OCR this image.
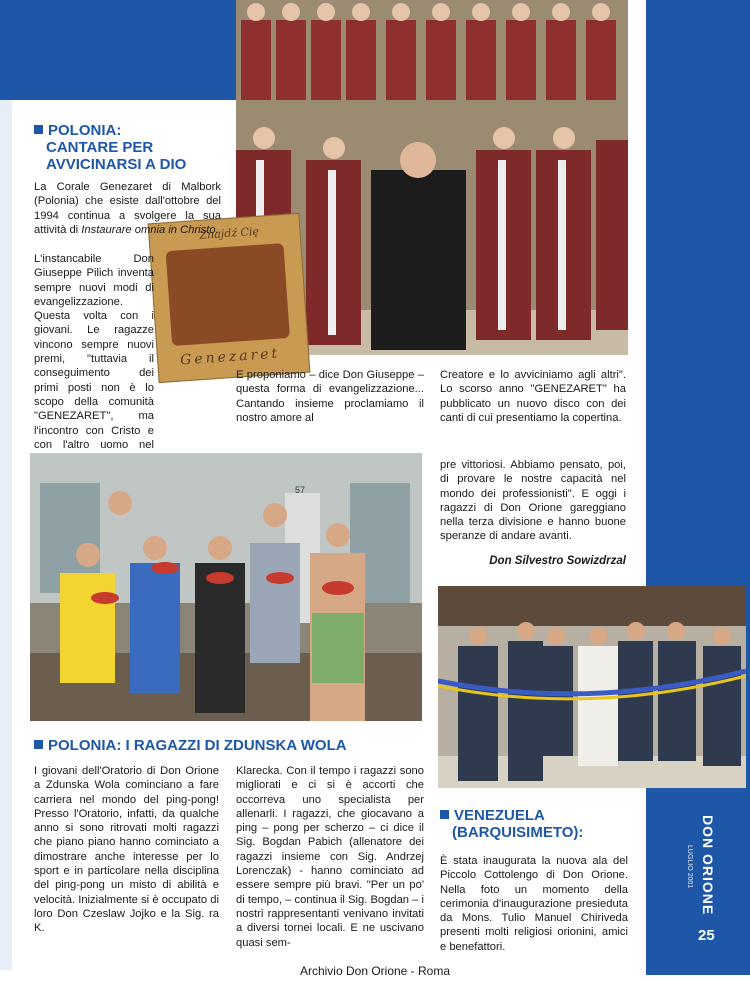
DON ORIONE
LUGLIO 2001
25
Znajdź Cię
Genezaret
POLONIA:
CANTARE PER
AVVICINARSI A DIO

La Corale Genezaret di Malbork (Polonia) che esiste dall'ottobre del 1994 continua a svolgere la sua attività di Instaurare omnia in Christo.

L'instancabile Don Giuseppe Pilich inventa sempre nuovi modi di evangelizzazione. Questa volta con i giovani. Le ragazze vincono sempre nuovi premi, "tuttavia il conseguimento dei primi posti non è lo scopo della comunità "GENEZARET", ma l'incontro con Cristo e con l'altro uomo nel

E proponiamo – dice Don Giuseppe – questa forma di evangelizzazione... Cantando insieme proclamiamo il nostro amore al

Creatore e lo avviciniamo agli altri". Lo scorso anno "GENEZARET" ha pubblicato un nuovo disco con dei canti di cui presentiamo la copertina.

57

pre vittoriosi. Abbiamo pensato, poi, di provare le nostre capacità nel mondo dei professionisti". E oggi i ragazzi di Don Orione gareggiano nella terza divisione e hanno buone speranze di andare avanti.

Don Silvestro Sowizdrzal
POLONIA: I RAGAZZI DI ZDUNSKA WOLA

I giovani dell'Oratorio di Don Orione a Zdunska Wola cominciano a fare carriera nel mondo del ping-pong! Presso l'Oratorio, infatti, da qualche anno si sono ritrovati molti ragazzi che piano piano hanno cominciato a dimostrare anche interesse per lo sport e in particolare nella disciplina del ping-pong un misto di abilità e velocità. Inizialmente si è occupato di loro Don Czeslaw Jojko e la Sig. ra K.

Klarecka. Con il tempo i ragazzi sono migliorati e ci si è accorti che occorreva uno specialista per allenarli. I ragazzi, che giocavano a ping – pong per scherzo – ci dice il Sig. Bogdan Pabich (allenatore dei ragazzi insieme con Sig. Andrzej Lorenczak) - hanno cominciato ad essere sempre più bravi. "Per un po' di tempo, – continua il Sig. Bogdan – i nostri rappresentanti venivano invitati a diversi tornei locali. E ne uscivano quasi sem-

VENEZUELA
(BARQUISIMETO):

È stata inaugurata la nuova ala del Piccolo Cottolengo di Don Orione. Nella foto un momento della cerimonia d'inaugurazione presieduta da Mons. Tulio Manuel Chiriveda presenti molti religiosi orionini, amici e benefattori.

Archivio Don Orione - Roma
